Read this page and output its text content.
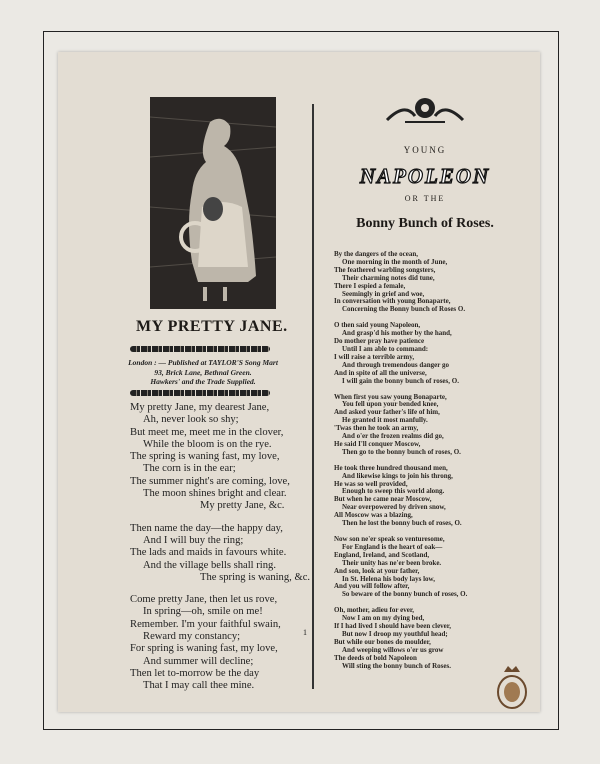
1
MY PRETTY JANE.
London : — Published at TAYLOR'S Song Mart
93, Brick Lane, Bethnal Green.
Hawkers' and the Trade Supplied.
My pretty Jane, my dearest Jane,
Ah, never look so shy;
But meet me, meet me in the clover,
While the bloom is on the rye.
The spring is waning fast, my love,
The corn is in the ear;
The summer night's are coming, love,
The moon shines bright and clear.
My pretty Jane, &c.
Then name the day—the happy day,
And I will buy the ring;
The lads and maids in favours white.
And the village bells shall ring.
The spring is waning, &c.
Come pretty Jane, then let us rove,
In spring—oh, smile on me!
Remember. I'm your faithful swain,
Reward my constancy;
For spring is waning fast, my love,
And summer will decline;
Then let to-morrow be the day
That I may call thee mine.
YOUNG
NAPOLEON
OR THE
Bonny Bunch of Roses.
By the dangers of the ocean,
One morning in the month of June,
The feathered warbling songsters,
Their charming notes did tune,
There I espied a female,
Seemingly in grief and woe,
In conversation with young Bonaparte,
Concerning the Bonny bunch of Roses O.
O then said young Napoleon,
And grasp'd his mother by the hand,
Do mother pray have patience
Until I am able to command:
I will raise a terrible army,
And through tremendous danger go
And in spite of all the universe,
I will gain the bonny bunch of roses, O.
When first you saw young Bonaparte,
You fell upon your bended knee,
And asked your father's life of him,
He granted it most manfully.
'Twas then he took an army,
And o'er the frozen realms did go,
He said I'll conquer Moscow,
Then go to the bonny bunch of roses, O.
He took three hundred thousand men,
And likewise kings to join his throng,
He was so well provided,
Enough to sweep this world along.
But when he came near Moscow,
Near overpowered by driven snow,
All Moscow was a blazing,
Then he lost the bonny buch of roses, O.
Now son ne'er speak so venturesome,
For England is the heart of oak—
England, Ireland, and Scotland,
Their unity has ne'er been broke.
And son, look at your father,
In St. Helena his body lays low,
And you will follow after,
So beware of the bonny bunch of roses, O.
Oh, mother, adieu for ever,
Now I am on my dying bed,
If I had lived I should have been clever,
But now I droop my youthful head;
But while our bones do moulder,
And weeping willows o'er us grow
The deeds of bold Napoleon
Will sting the bonny bunch of Roses.
